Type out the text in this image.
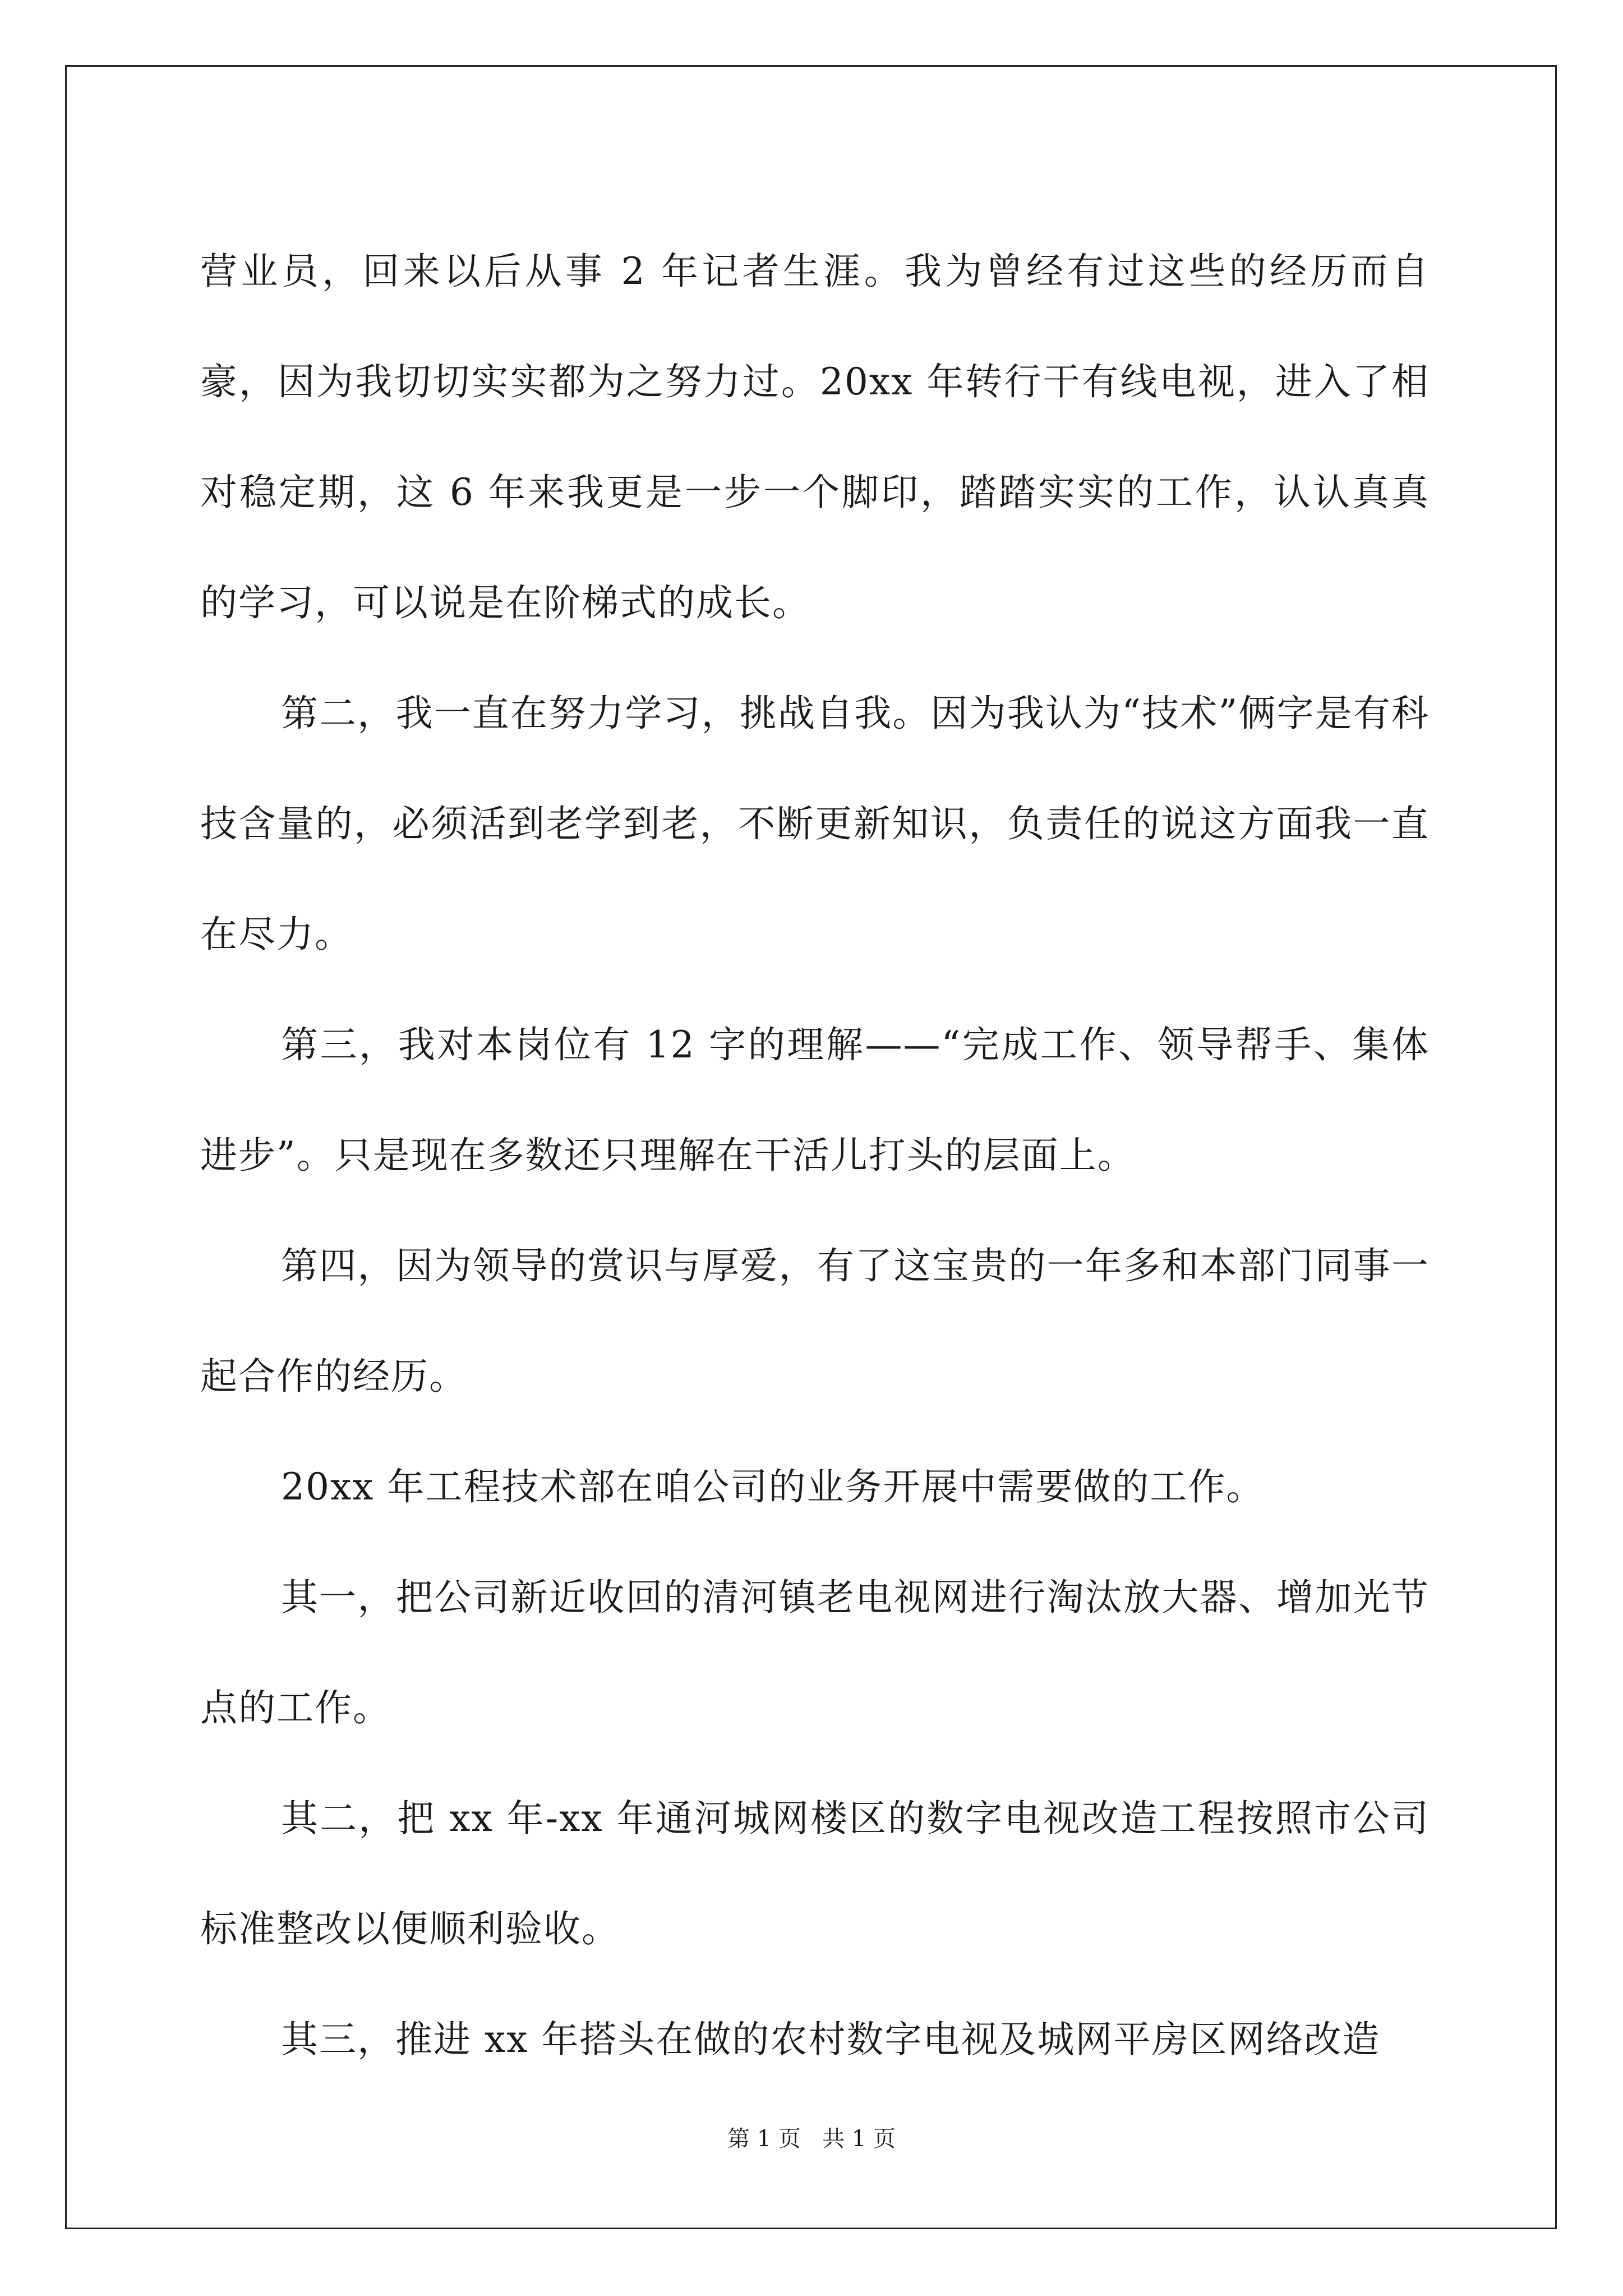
营业员，回来以后从事 2 年记者生涯。我为曾经有过这些的经历而自豪，因为我切切实实都为之努力过。20xx 年转行干有线电视，进入了相对稳定期，这 6 年来我更是一步一个脚印，踏踏实实的工作，认认真真的学习，可以说是在阶梯式的成长。

第二，我一直在努力学习，挑战自我。因为我认为“技术”俩字是有科技含量的，必须活到老学到老，不断更新知识，负责任的说这方面我一直在尽力。

第三，我对本岗位有 12 字的理解——“完成工作、领导帮手、集体进步”。只是现在多数还只理解在干活儿打头的层面上。

第四，因为领导的赏识与厚爱，有了这宝贵的一年多和本部门同事一起合作的经历。

20xx 年工程技术部在咱公司的业务开展中需要做的工作。

其一，把公司新近收回的清河镇老电视网进行淘汰放大器、增加光节点的工作。

其二，把 xx 年-xx 年通河城网楼区的数字电视改造工程按照市公司标准整改以便顺利验收。

其三，推进 xx 年搭头在做的农村数字电视及城网平房区网络改造

第 1 页 共 1 页
